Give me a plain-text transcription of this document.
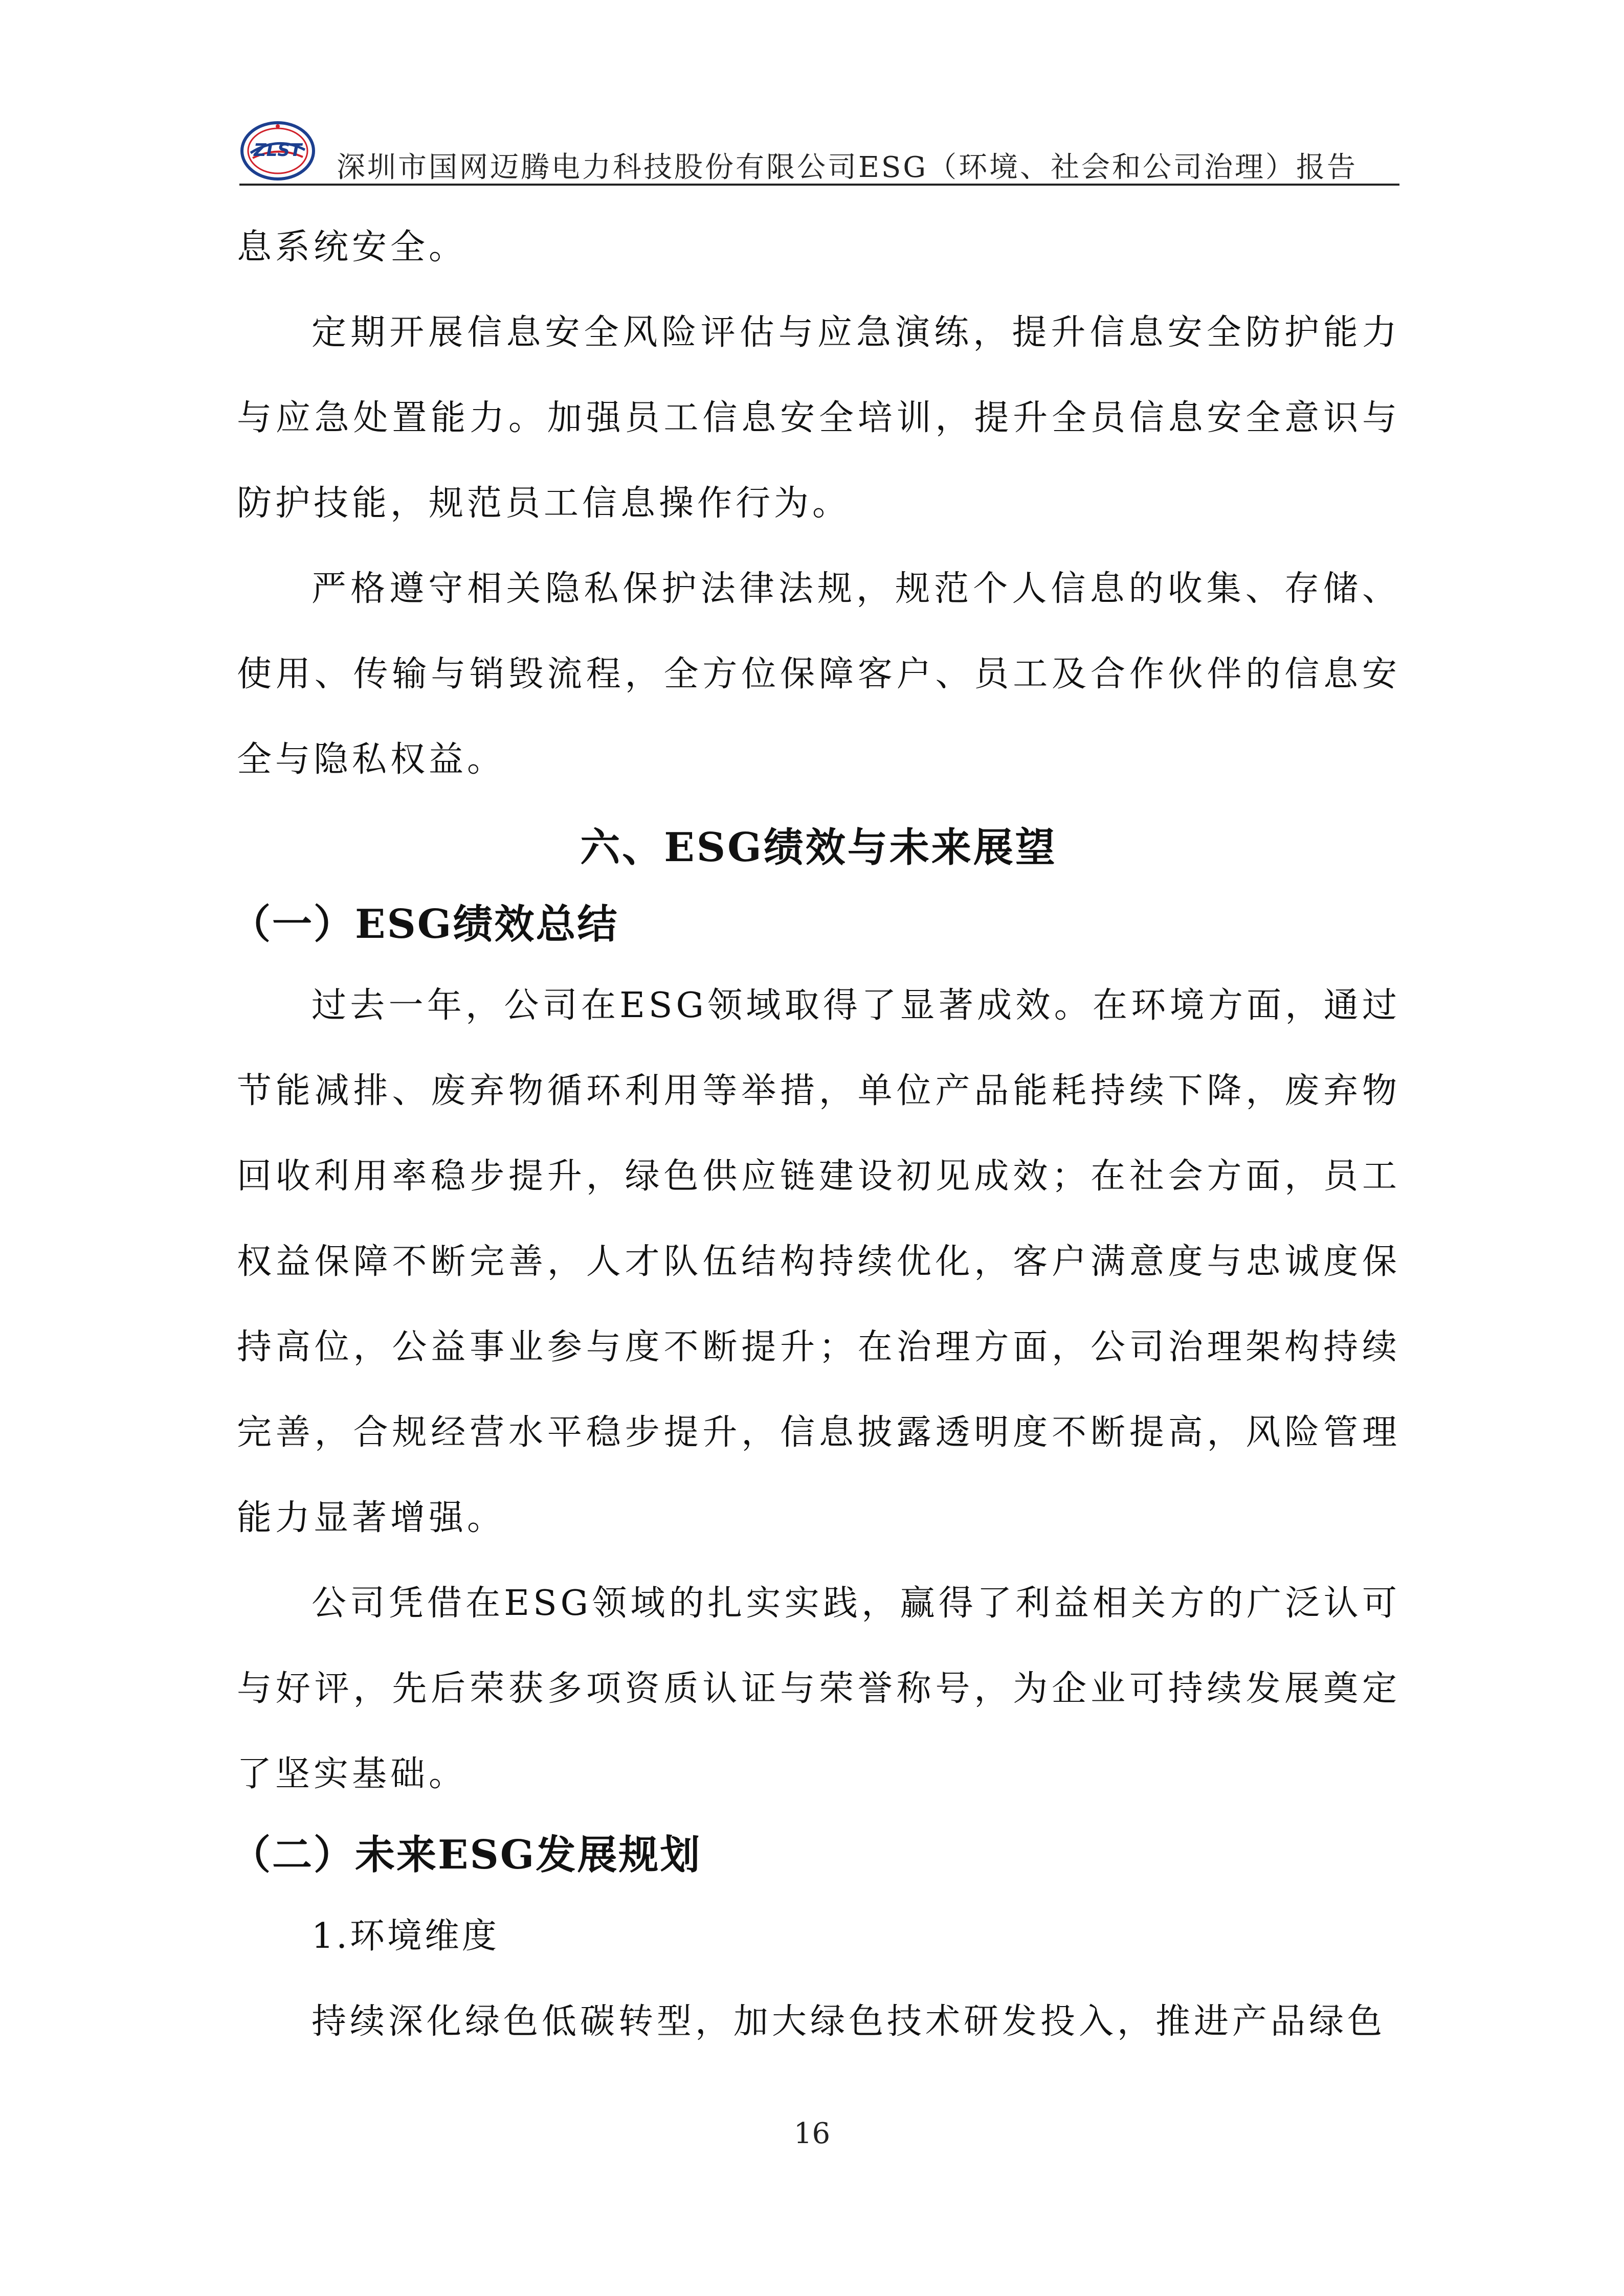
ZLST
深圳市国网迈腾电力科技股份有限公司ESG（环境、社会和公司治理）报告

息系统安全。

定期开展信息安全风险评估与应急演练，提升信息安全防护能力与应急处置能力。加强员工信息安全培训，提升全员信息安全意识与防护技能，规范员工信息操作行为。

严格遵守相关隐私保护法律法规，规范个人信息的收集、存储、使用、传输与销毁流程，全方位保障客户、员工及合作伙伴的信息安全与隐私权益。

六、ESG绩效与未来展望
（一）ESG绩效总结

过去一年，公司在ESG领域取得了显著成效。在环境方面，通过节能减排、废弃物循环利用等举措，单位产品能耗持续下降，废弃物回收利用率稳步提升，绿色供应链建设初见成效；在社会方面，员工权益保障不断完善，人才队伍结构持续优化，客户满意度与忠诚度保持高位，公益事业参与度不断提升；在治理方面，公司治理架构持续完善，合规经营水平稳步提升，信息披露透明度不断提高，风险管理能力显著增强。

公司凭借在ESG领域的扎实实践，赢得了利益相关方的广泛认可与好评，先后荣获多项资质认证与荣誉称号，为企业可持续发展奠定了坚实基础。

（二）未来ESG发展规划

1.环境维度

持续深化绿色低碳转型，加大绿色技术研发投入，推进产品绿色

16
